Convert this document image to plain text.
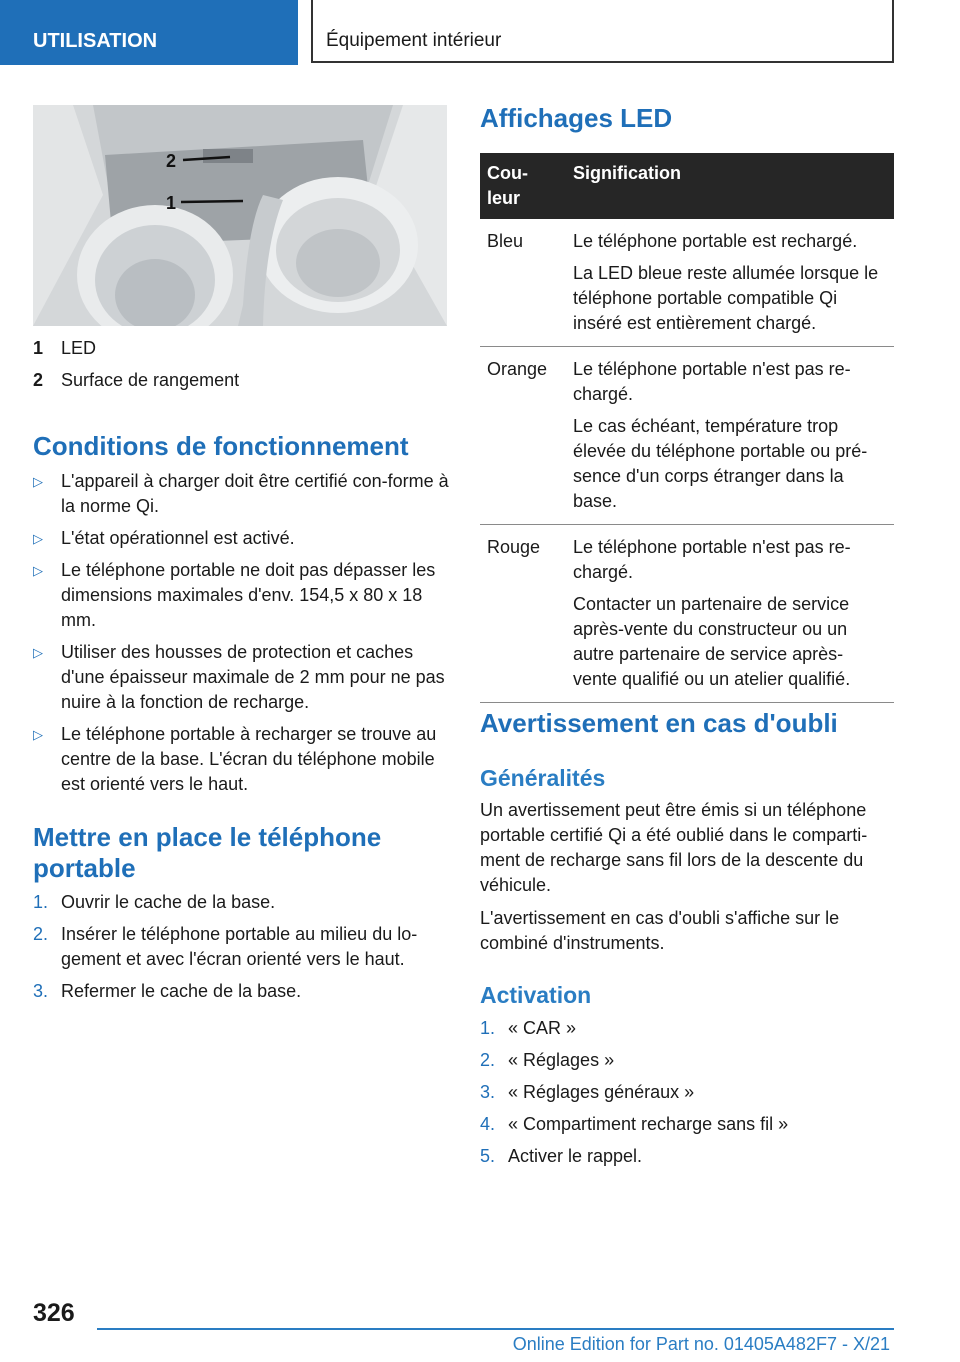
UTILISATION	Équipement intérieur
2
1
1 LED
2 Surface de rangement
Conditions de fonctionnement
▷ L'appareil à charger doit être certifié con-forme à la norme Qi.
▷ L'état opérationnel est activé.
▷ Le téléphone portable ne doit pas dépasser les dimensions maximales d'env. 154,5 x 80 x 18 mm.
▷ Utiliser des housses de protection et caches d'une épaisseur maximale de 2 mm pour ne pas nuire à la fonction de recharge.
▷ Le téléphone portable à recharger se trouve au centre de la base. L'écran du téléphone mobile est orienté vers le haut.
Mettre en place le téléphone portable
1. Ouvrir le cache de la base.
2. Insérer le téléphone portable au milieu du lo-gement et avec l'écran orienté vers le haut.
3. Refermer le cache de la base.
Affichages LED
Cou-leur	Signification
Bleu	Le téléphone portable est rechargé.

La LED bleue reste allumée lorsque le téléphone portable compatible Qi inséré est entièrement chargé.

Orange	Le téléphone portable n'est pas re-chargé.

Le cas échéant, température trop élevée du téléphone portable ou pré-sence d'un corps étranger dans la base.

Rouge	Le téléphone portable n'est pas re-chargé.

Contacter un partenaire de service après-vente du constructeur ou un autre partenaire de service après-vente qualifié ou un atelier qualifié.

Avertissement en cas d'oubli
Généralités

Un avertissement peut être émis si un téléphone portable certifié Qi a été oublié dans le comparti-ment de recharge sans fil lors de la descente du véhicule.

L'avertissement en cas d'oubli s'affiche sur le combiné d'instruments.

Activation
1. « CAR »
2. « Réglages »
3. « Réglages généraux »
4. « Compartiment recharge sans fil »
5. Activer le rappel.
326
Online Edition for Part no. 01405A482F7 - X/21
